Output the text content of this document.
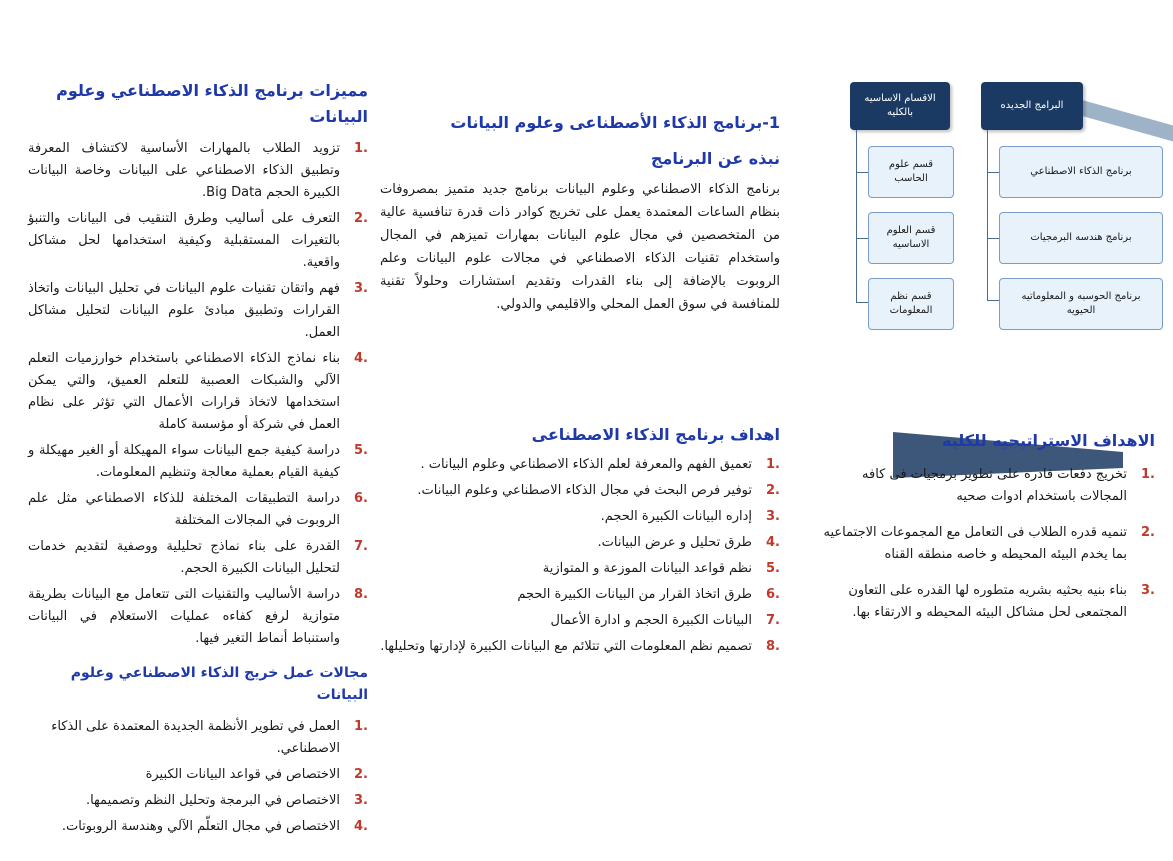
البرامج الجديده
الاقسام الاساسيه بالكليه
برنامج الذكاء الاصطناعي
برنامج هندسه البرمجيات
برنامج الحوسبه و المعلوماتيه الحيويه
قسم علوم الحاسب
قسم العلوم الاساسيه
قسم نظم المعلومات
الاهداف الاستراتيجيه للكليه
1.
تخريج دفعات قادره على تطوير برمجيات فى كافه المجالات باستخدام ادوات صحيه
2.
تنميه قدره الطلاب فى التعامل مع المجموعات الاجتماعيه بما يخدم البيئه المحيطه و خاصه منطقه القناه
3.
بناء بنيه بحثيه بشريه متطوره لها القدره على التعاون المجتمعى لحل مشاكل البيئه المحيطه و الارتقاء بها.
1-برنامج الذكاء الأصطناعى وعلوم البيانات
نبذه عن البرنامج

برنامج الذكاء الاصطناعي وعلوم البيانات برنامج جديد متميز بمصروفات بنظام الساعات المعتمدة يعمل على تخريج كوادر ذات قدرة تنافسية عالية من المتخصصين في مجال علوم البيانات بمهارات تميزهم في المجال واستخدام تقنيات الذكاء الاصطناعي في مجالات علوم البيانات وعلم الروبوت بالإضافة إلى بناء القدرات وتقديم استشارات وحلولاً تقنية للمنافسة في سوق العمل المحلي والاقليمي والدولي.

اهداف برنامج الذكاء الاصطناعى
1.
تعميق الفهم والمعرفة لعلم الذكاء الاصطناعي وعلوم البيانات .
2.
توفير فرص البحث في مجال الذكاء الاصطناعي وعلوم البيانات.
3.
إداره البيانات الكبيرة الحجم.
4.
طرق تحليل و عرض البيانات.
5.
نظم قواعد البيانات الموزعة و المتوازية
6.
طرق اتخاذ القرار من البيانات الكبيرة الحجم
7.
البيانات الكبيرة الحجم و ادارة الأعمال
8.
تصميم نظم المعلومات التي تتلائم مع البيانات الكبيرة لإدارتها وتحليلها.
مميزات برنامج الذكاء الاصطناعي وعلوم البيانات
1.
تزويد الطلاب بالمهارات الأساسية لاكتشاف المعرفة وتطبيق الذكاء الاصطناعي على البيانات وخاصة البيانات الكبيرة الحجم Big Data.
2.
التعرف على أساليب وطرق التنقيب فى البيانات والتنبؤ بالتغيرات المستقبلية وكيفية استخدامها لحل مشاكل واقعية.
3.
فهم واتقان تقنيات علوم البيانات في تحليل البيانات واتخاذ القرارات وتطبيق مبادئ علوم البيانات لتحليل مشاكل العمل.
4.
بناء نماذج الذكاء الاصطناعي باستخدام خوارزميات التعلم الآلي والشبكات العصبية للتعلم العميق، والتي يمكن استخدامها لاتخاذ قرارات الأعمال التي تؤثر على نظام العمل في شركة أو مؤسسة كاملة
5.
دراسة كيفية جمع البيانات سواء المهيكلة أو الغير مهيكلة و كيفية القيام بعملية معالجة وتنظيم المعلومات.
6.
دراسة التطبيقات المختلفة للذكاء الاصطناعي مثل علم الروبوت في المجالات المختلفة
7.
القدرة على بناء نماذج تحليلية ووصفية لتقديم خدمات لتحليل البيانات الكبيرة الحجم.
8.
دراسة الأساليب والتقنيات التى تتعامل مع البيانات بطريقة متوازية لرفع كفاءه عمليات الاستعلام في البيانات واستنباط أنماط التغير فيها.
مجالات عمل خريج الذكاء الاصطناعي وعلوم البيانات
1.
العمل في تطوير الأنظمة الجديدة المعتمدة على الذكاء الاصطناعي.
2.
الاختصاص في قواعد البيانات الكبيرة
3.
الاختصاص في البرمجة وتحليل النظم وتصميمها.
4.
الاختصاص في مجال التعلّم الآلي وهندسة الروبوتات.
